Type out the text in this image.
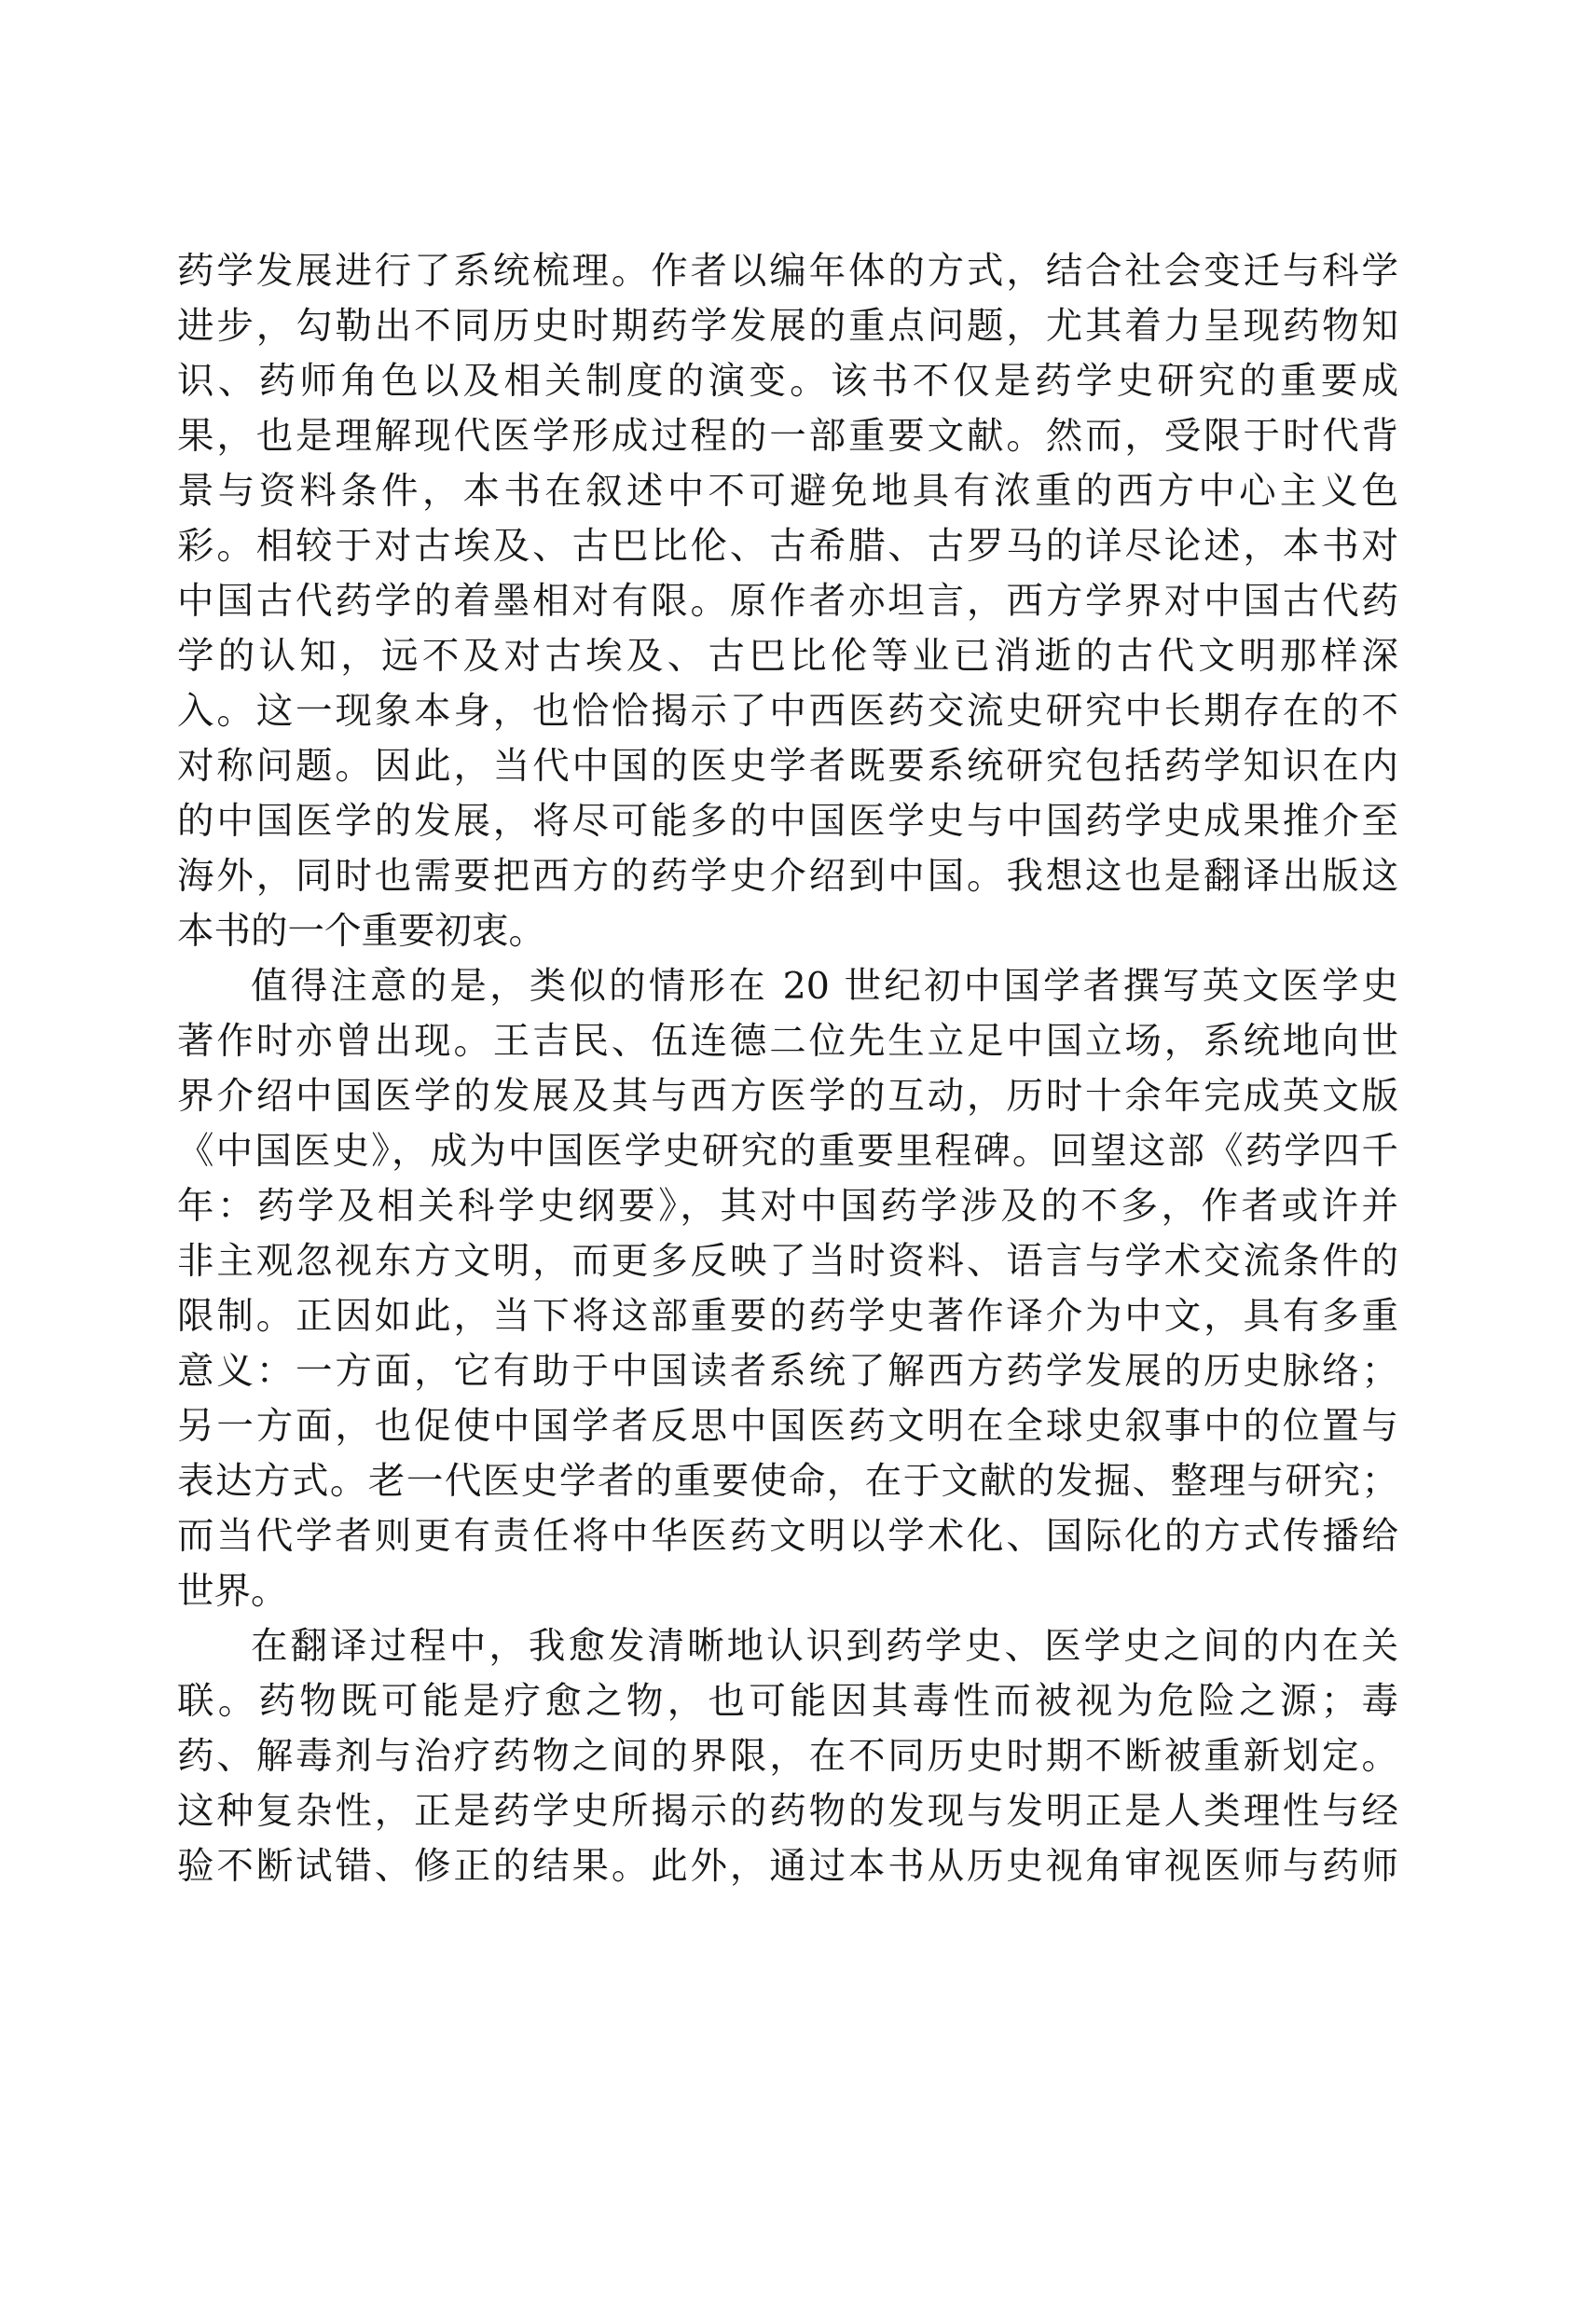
药学发展进行了系统梳理。作者以编年体的方式，结合社会变迁与科学
进步，勾勒出不同历史时期药学发展的重点问题，尤其着力呈现药物知
识、药师角色以及相关制度的演变。该书不仅是药学史研究的重要成
果，也是理解现代医学形成过程的一部重要文献。然而，受限于时代背
景与资料条件，本书在叙述中不可避免地具有浓重的西方中心主义色
彩。相较于对古埃及、古巴比伦、古希腊、古罗马的详尽论述，本书对
中国古代药学的着墨相对有限。原作者亦坦言，西方学界对中国古代药
学的认知，远不及对古埃及、古巴比伦等业已消逝的古代文明那样深
入。这一现象本身，也恰恰揭示了中西医药交流史研究中长期存在的不
对称问题。因此，当代中国的医史学者既要系统研究包括药学知识在内
的中国医学的发展，将尽可能多的中国医学史与中国药学史成果推介至
海外，同时也需要把西方的药学史介绍到中国。我想这也是翻译出版这
本书的一个重要初衷。
值得注意的是，类似的情形在 20 世纪初中国学者撰写英文医学史
著作时亦曾出现。王吉民、伍连德二位先生立足中国立场，系统地向世
界介绍中国医学的发展及其与西方医学的互动，历时十余年完成英文版
《中国医史》，成为中国医学史研究的重要里程碑。回望这部《药学四千
年：药学及相关科学史纲要》，其对中国药学涉及的不多，作者或许并
非主观忽视东方文明，而更多反映了当时资料、语言与学术交流条件的
限制。正因如此，当下将这部重要的药学史著作译介为中文，具有多重
意义：一方面，它有助于中国读者系统了解西方药学发展的历史脉络；
另一方面，也促使中国学者反思中国医药文明在全球史叙事中的位置与
表达方式。老一代医史学者的重要使命，在于文献的发掘、整理与研究；
而当代学者则更有责任将中华医药文明以学术化、国际化的方式传播给
世界。
在翻译过程中，我愈发清晰地认识到药学史、医学史之间的内在关
联。药物既可能是疗愈之物，也可能因其毒性而被视为危险之源；毒
药、解毒剂与治疗药物之间的界限，在不同历史时期不断被重新划定。
这种复杂性，正是药学史所揭示的药物的发现与发明正是人类理性与经
验不断试错、修正的结果。此外，通过本书从历史视角审视医师与药师
